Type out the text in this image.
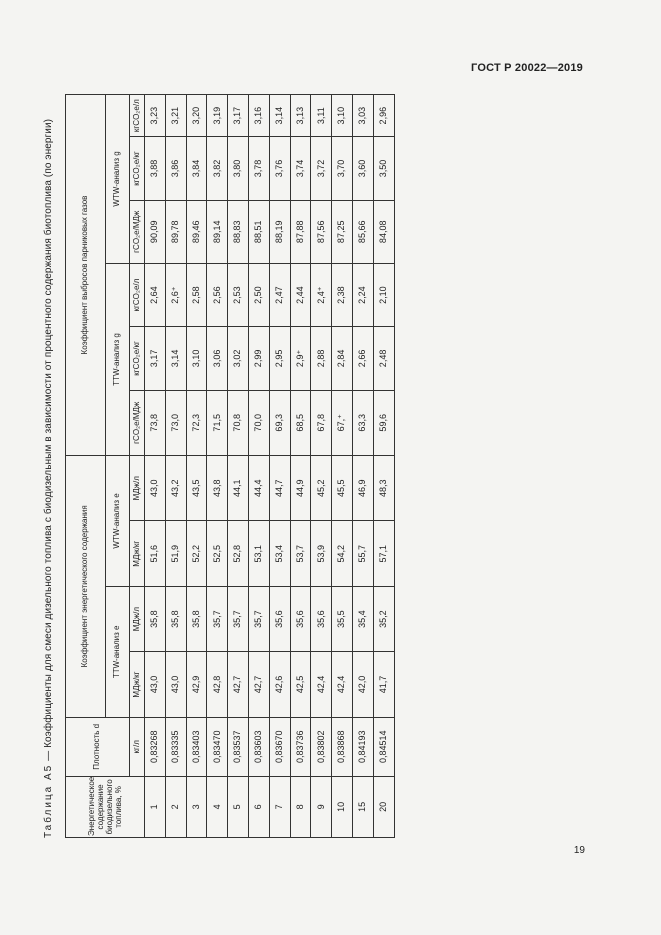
ГОСТ Р 20022—2019
Таблица А5 — Коэффициенты для смеси дизельного топлива с биодизельным в зависимости от процентного содержания биотоплива (по энергии)
Энергетическое содержание биодизельного топлива, %	Плотность d	Коэффициент энергетического содержания				Коэффициент выбросов парниковых газов					
		TTW-анализ e		WTW-анализ e		TTW-анализ g			WTW-анализ g		
	кг/л	МДж/кг	МДж/л	МДж/кг	МДж/л	гCO₂е/МДж	кгCO₂е/кг	кгCO₂е/л	гCO₂е/МДж	кгCO₂е/кг	кгCO₂е/л
1	0,83268	43,0	35,8	51,6	43,0	73,8	3,17	2,64	90,09	3,88	3,23
2	0,83335	43,0	35,8	51,9	43,2	73,0	3,14	2,6⁺	89,78	3,86	3,21
3	0,83403	42,9	35,8	52,2	43,5	72,3	3,10	2,58	89,46	3,84	3,20
4	0,83470	42,8	35,7	52,5	43,8	71,5	3,06	2,56	89,14	3,82	3,19
5	0,83537	42,7	35,7	52,8	44,1	70,8	3,02	2,53	88,83	3,80	3,17
6	0,83603	42,7	35,7	53,1	44,4	70,0	2,99	2,50	88,51	3,78	3,16
7	0,83670	42,6	35,6	53,4	44,7	69,3	2,95	2,47	88,19	3,76	3,14
8	0,83736	42,5	35,6	53,7	44,9	68,5	2,9⁺	2,44	87,88	3,74	3,13
9	0,83802	42,4	35,6	53,9	45,2	67,8	2,88	2,4⁺	87,56	3,72	3,11
10	0,83868	42,4	35,5	54,2	45,5	67,⁺	2,84	2,38	87,25	3,70	3,10
15	0,84193	42,0	35,4	55,7	46,9	63,3	2,66	2,24	85,66	3,60	3,03
20	0,84514	41,7	35,2	57,1	48,3	59,6	2,48	2,10	84,08	3,50	2,96
19
